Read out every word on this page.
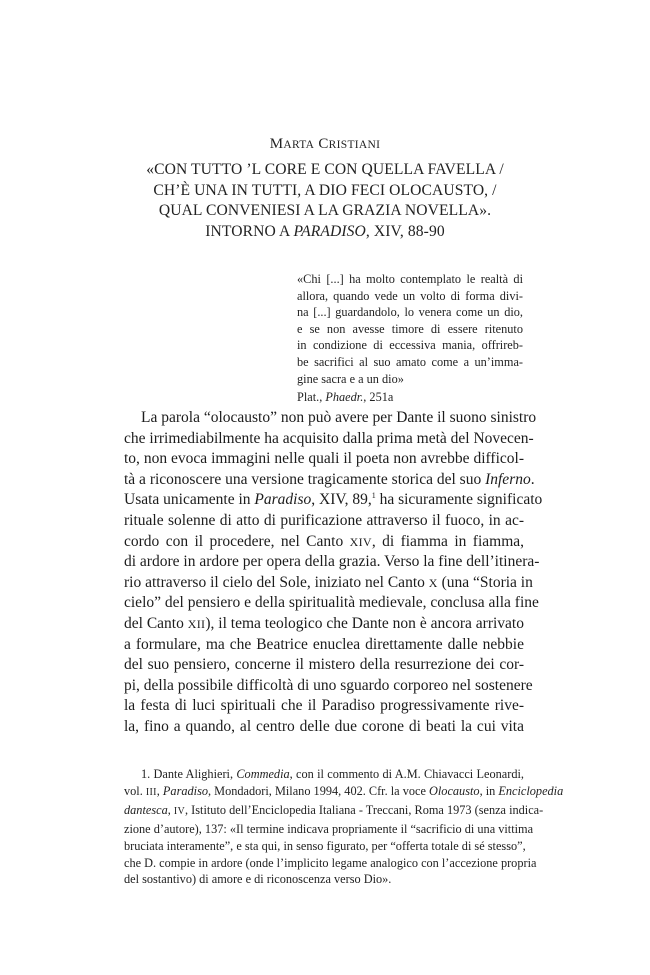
MARTA CRISTIANI
«CON TUTTO ’L CORE E CON QUELLA FAVELLA /
CH’È UNA IN TUTTI, A DIO FECI OLOCAUSTO, /
QUAL CONVENIESI A LA GRAZIA NOVELLA».
INTORNO A PARADISO, XIV, 88-90
«Chi [...] ha molto contemplato le realtà di
allora, quando vede un volto di forma divi-
na [...] guardandolo, lo venera come un dio,
e se non avesse timore di essere ritenuto
in condizione di eccessiva mania, offrireb-
be sacrifici al suo amato come a un’imma-
gine sacra e a un dio»
Plat., Phaedr., 251a
La parola “olocausto” non può avere per Dante il suono sinistro
che irrimediabilmente ha acquisito dalla prima metà del Novecen-
to, non evoca immagini nelle quali il poeta non avrebbe difficol-
tà a riconoscere una versione tragicamente storica del suo Inferno.
Usata unicamente in Paradiso, XIV, 89,$^1$ ha sicuramente significato
rituale solenne di atto di purificazione attraverso il fuoco, in ac-
cordo con il procedere, nel Canto XIV, di fiamma in fiamma,
di ardore in ardore per opera della grazia. Verso la fine dell’itinera-
rio attraverso il cielo del Sole, iniziato nel Canto X (una “Storia in
cielo” del pensiero e della spiritualità medievale, conclusa alla fine
del Canto XII), il tema teologico che Dante non è ancora arrivato
a formulare, ma che Beatrice enuclea direttamente dalle nebbie
del suo pensiero, concerne il mistero della resurrezione dei cor-
pi, della possibile difficoltà di uno sguardo corporeo nel sostenere
la festa di luci spirituali che il Paradiso progressivamente rive-
la, fino a quando, al centro delle due corone di beati la cui vita
1. Dante Alighieri, Commedia, con il commento di A.M. Chiavacci Leonardi,
vol. III, Paradiso, Mondadori, Milano 1994, 402. Cfr. la voce Olocausto, in Enciclopedia
dantesca, IV, Istituto dell’Enciclopedia Italiana - Treccani, Roma 1973 (senza indica-
zione d’autore), 137: «Il termine indicava propriamente il “sacrificio di una vittima
bruciata interamente”, e sta qui, in senso figurato, per “offerta totale di sé stesso”,
che D. compie in ardore (onde l’implicito legame analogico con l’accezione propria
del sostantivo) di amore e di riconoscenza verso Dio».
